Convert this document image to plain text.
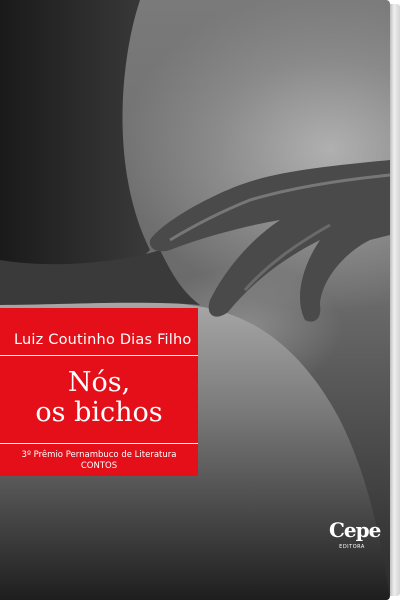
Luiz Coutinho Dias Filho
Nós,
os bichos
3º Prêmio Pernambuco de Literatura
CONTOS
Cepe
EDITORA
